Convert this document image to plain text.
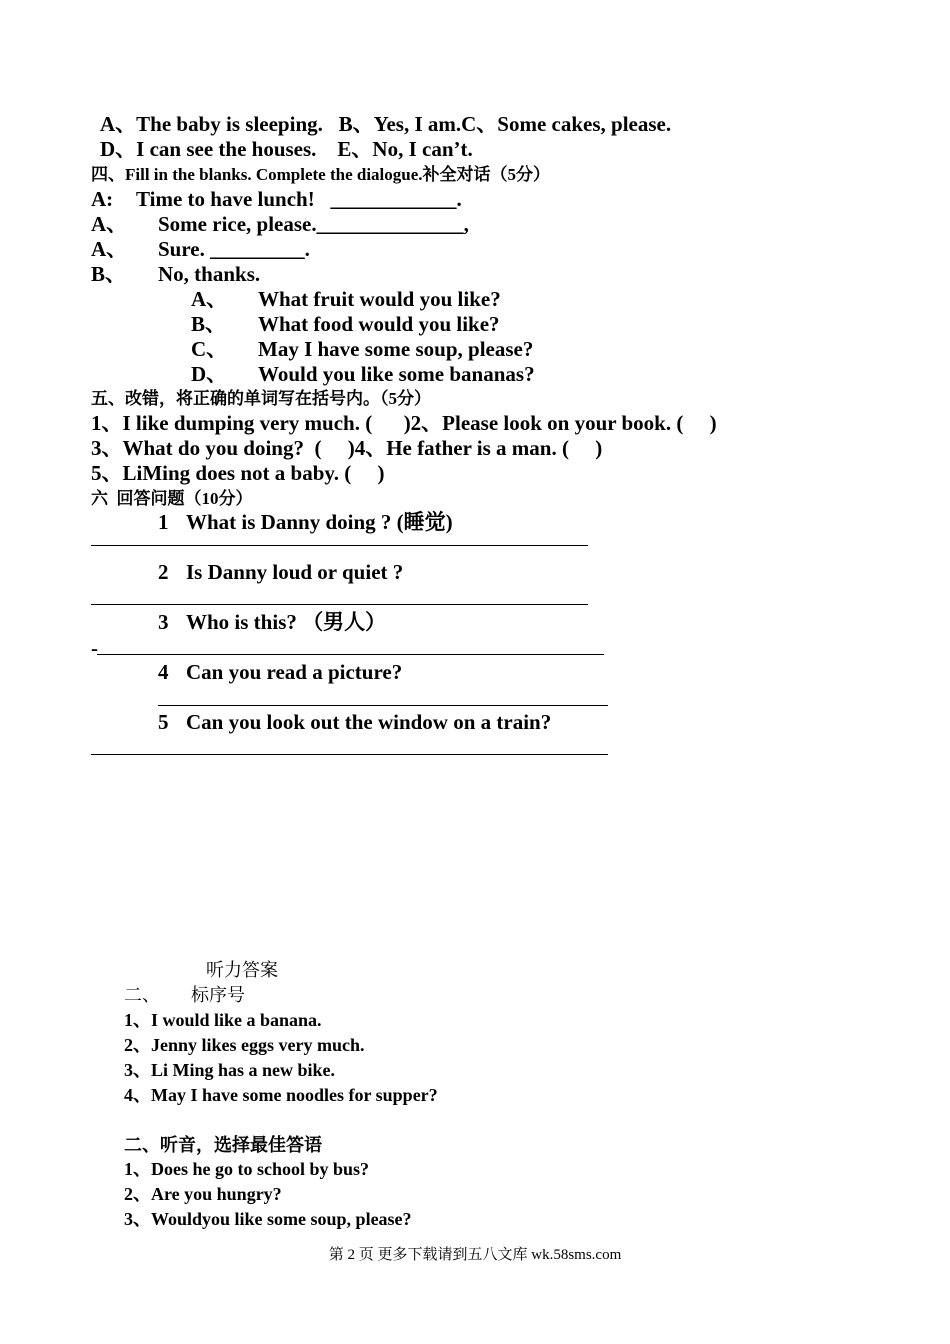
A、The baby is sleeping.   B、Yes, I am.C、Some cakes, please.
D、I can see the houses.    E、No, I can’t.
四、Fill in the blanks. Complete the dialogue.补全对话（5分）
A: Time to have lunch!   ____________.
A、 Some rice, please.______________,
A、 Sure. _________.
B、 No, thanks.
A、 What fruit would you like?
B、 What food would you like?
C、 May I have some soup, please?
D、 Would you like some bananas?
五、改错，将正确的单词写在括号内。（5分）
1、I like dumping very much. (      )2、Please look on your book. (     )
3、What do you doing?  (     )4、He father is a man. (     )
5、LiMing does not a baby. (     )
六  回答问题（10分）
1 What is Danny doing ? (睡觉)
2 Is Danny loud or quiet ?
3 Who is this? （男人）
-
4 Can you read a picture?
5 Can you look out the window on a train?
听力答案
二、 标序号
1、I would like a banana.
2、Jenny likes eggs very much.
3、Li Ming has a new bike.
4、May I have some noodles for supper?
二、听音，选择最佳答语
1、Does he go to school by bus?
2、Are you hungry?
3、Wouldyou like some soup, please?
第 2 页 更多下载请到五八文库 wk.58sms.com
